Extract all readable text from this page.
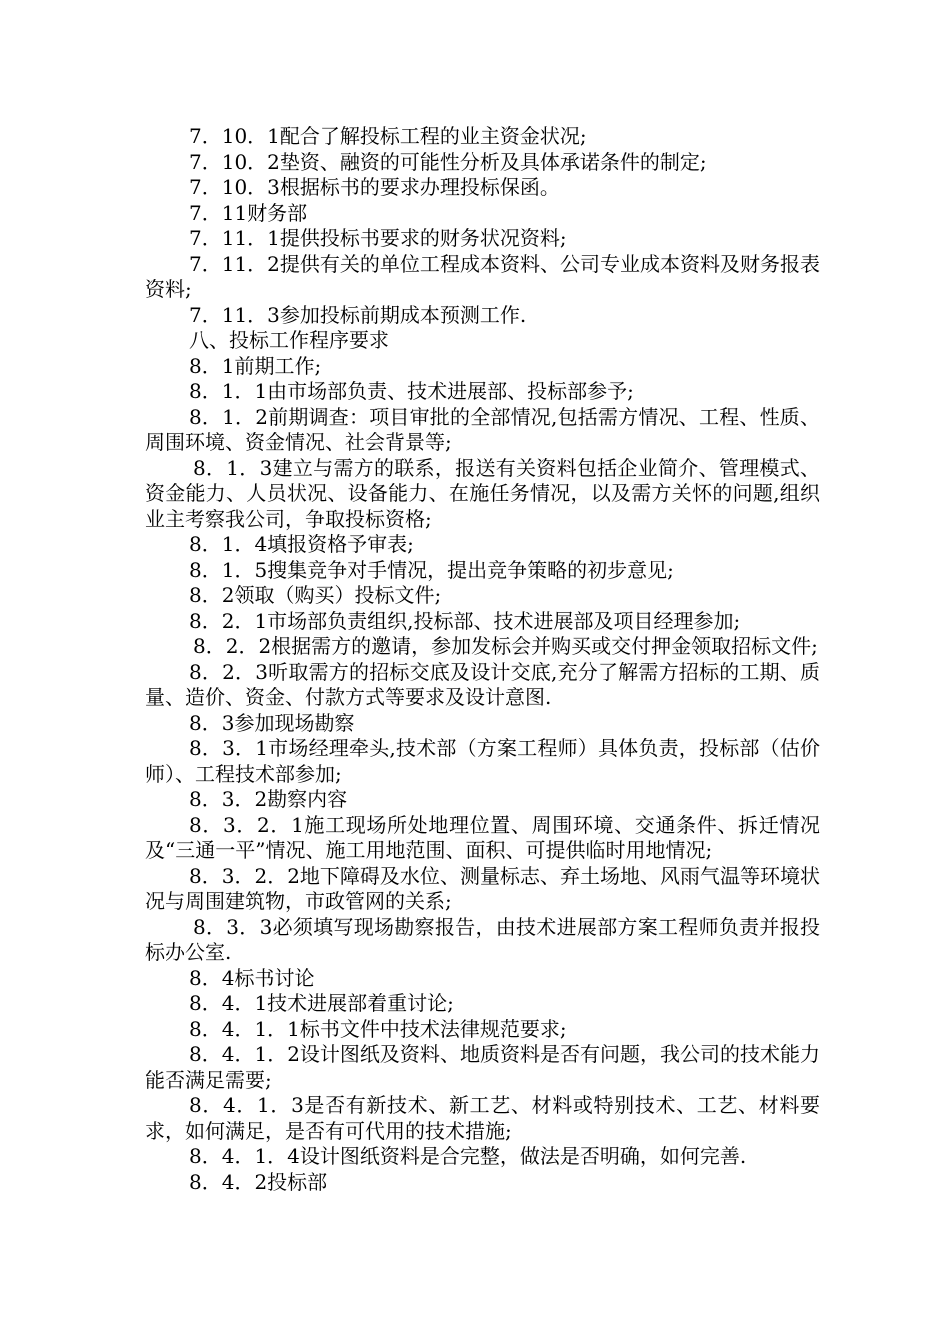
7．10．1配合了解投标工程的业主资金状况;

7．10．2垫资、融资的可能性分析及具体承诺条件的制定;

7．10．3根据标书的要求办理投标保函。

7．11财务部

7．11．1提供投标书要求的财务状况资料;

7．11．2提供有关的单位工程成本资料、公司专业成本资料及财务报表资料;

7．11．3参加投标前期成本预测工作.

八、投标工作程序要求

8．1前期工作;

8．1．1由市场部负责、技术进展部、投标部参予;

8．1．2前期调查：项目审批的全部情况,包括需方情况、工程、性质、周围环境、资金情况、社会背景等;

8．1．3建立与需方的联系，报送有关资料包括企业简介、管理模式、资金能力、人员状况、设备能力、在施任务情况，以及需方关怀的问题,组织业主考察我公司，争取投标资格;

8．1．4填报资格予审表;

8．1．5搜集竞争对手情况，提出竞争策略的初步意见;

8．2领取（购买）投标文件;

8．2．1市场部负责组织,投标部、技术进展部及项目经理参加;

8．2．2根据需方的邀请，参加发标会并购买或交付押金领取招标文件;

8．2．3听取需方的招标交底及设计交底,充分了解需方招标的工期、质量、造价、资金、付款方式等要求及设计意图.

8．3参加现场勘察

8．3．1市场经理牵头,技术部（方案工程师）具体负责，投标部（估价师）、工程技术部参加;

8．3．2勘察内容

8．3．2．1施工现场所处地理位置、周围环境、交通条件、拆迁情况及“三通一平”情况、施工用地范围、面积、可提供临时用地情况;

8．3．2．2地下障碍及水位、测量标志、弃土场地、风雨气温等环境状况与周围建筑物，市政管网的关系;

8．3．3必须填写现场勘察报告，由技术进展部方案工程师负责并报投标办公室.

8．4标书讨论

8．4．1技术进展部着重讨论;

8．4．1．1标书文件中技术法律规范要求;

8．4．1．2设计图纸及资料、地质资料是否有问题，我公司的技术能力能否满足需要;

8．4．1．3是否有新技术、新工艺、材料或特别技术、工艺、材料要求，如何满足，是否有可代用的技术措施;

8．4．1．4设计图纸资料是合完整，做法是否明确，如何完善.

8．4．2投标部
